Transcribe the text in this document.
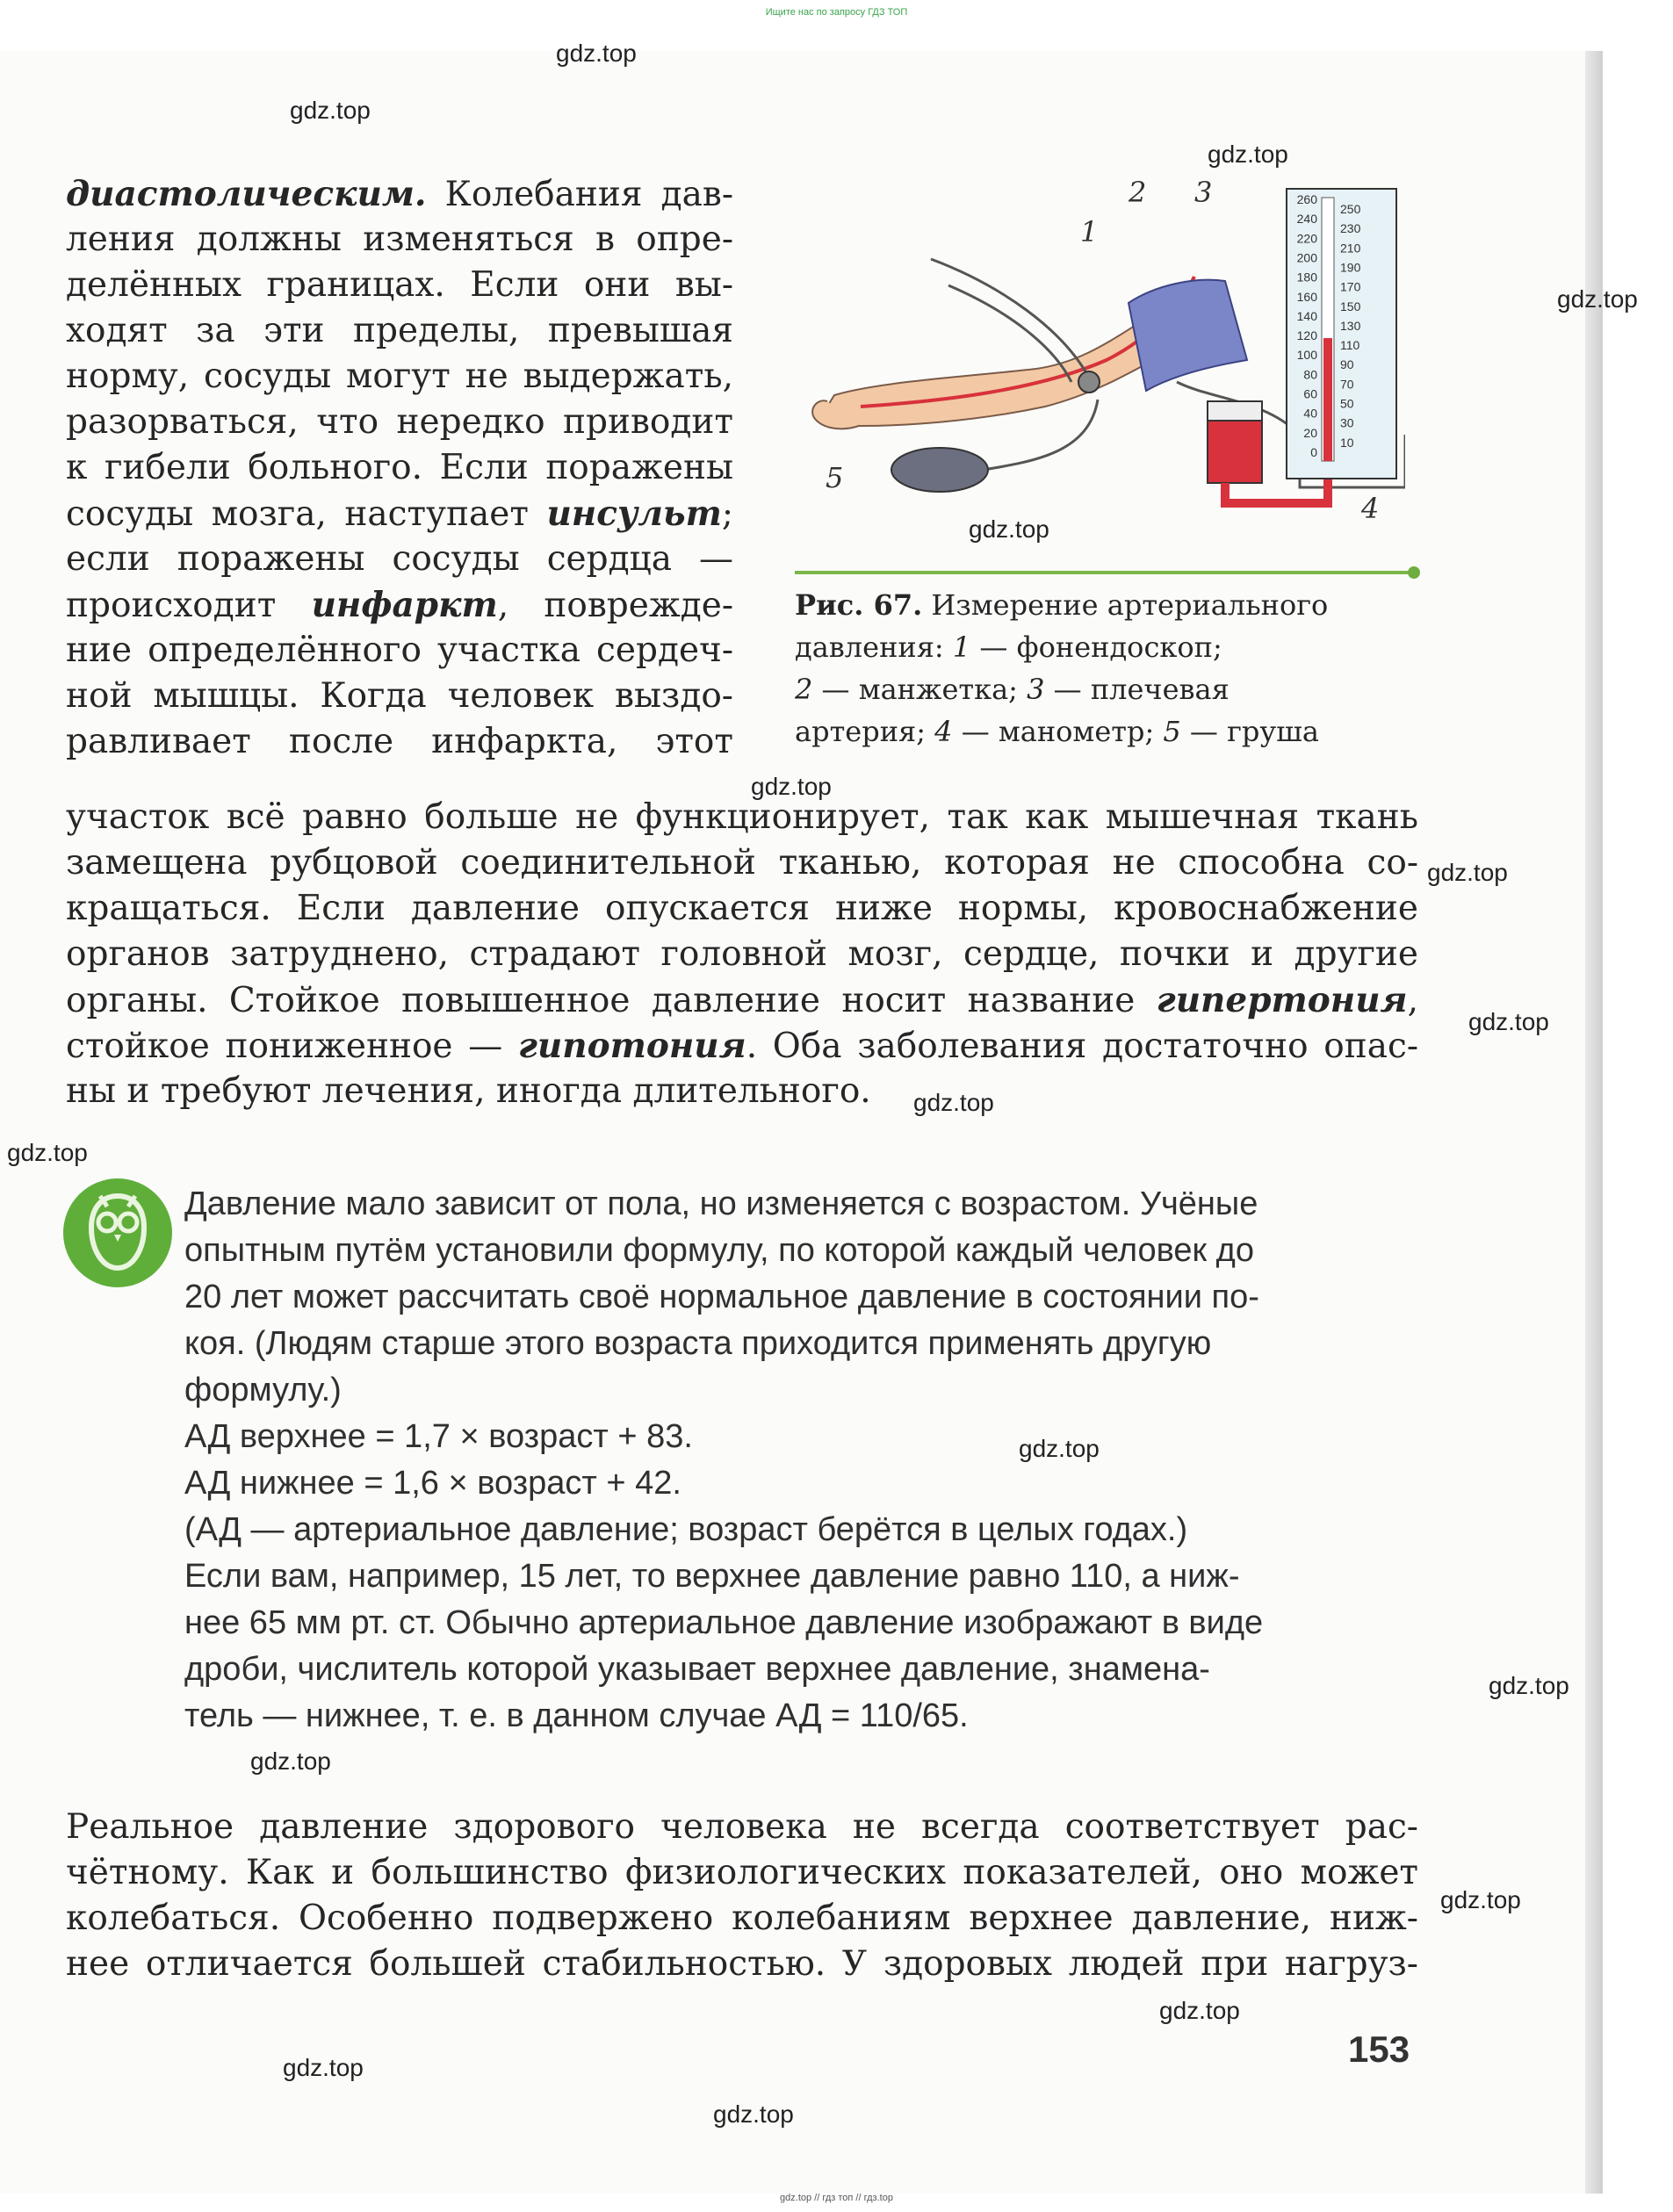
Ищите нас по запросу ГДЗ ТОП
gdz.top
gdz.top
gdz.top
gdz.top
gdz.top
gdz.top
gdz.top
gdz.top
gdz.top
gdz.top
gdz.top
gdz.top
gdz.top
gdz.top
gdz.top
gdz.top
gdz.top
диастолическим. Колебания дав-
ления должны изменяться в опре-
делённых границах. Если они вы-
ходят за эти пределы, превышая
норму, сосуды могут не выдержать,
разорваться, что нередко приводит
к гибели больного. Если поражены
сосуды мозга, наступает инсульт;
если поражены сосуды сердца —
происходит инфаркт, поврежде-
ние определённого участка сердеч-
ной мышцы. Когда человек выздо-
равливает после инфаркта, этот
260
240
220
200
180
160
140
120
100
80
60
40
20
0
250
230
210
190
170
150
130
110
90
70
50
30
10
1
2 3
4
5
Рис. 67. Измерение артериального
давления: 1 — фонендоскоп;
2 — манжетка; 3 — плечевая
артерия; 4 — манометр; 5 — груша
участок всё равно больше не функционирует, так как мышечная ткань
замещена рубцовой соединительной тканью, которая не способна со-
кращаться. Если давление опускается ниже нормы, кровоснабжение
органов затруднено, страдают головной мозг, сердце, почки и другие
органы. Стойкое повышенное давление носит название гипертония,
стойкое пониженное — гипотония. Оба заболевания достаточно опас-
ны и требуют лечения, иногда длительного.
Давление мало зависит от пола, но изменяется с возрастом. Учёные
опытным путём установили формулу, по которой каждый человек до
20 лет может рассчитать своё нормальное давление в состоянии по-
коя. (Людям старше этого возраста приходится применять другую
формулу.)
АД верхнее = 1,7 × возраст + 83.
АД нижнее = 1,6 × возраст + 42.
(АД — артериальное давление; возраст берётся в целых годах.)
Если вам, например, 15 лет, то верхнее давление равно 110, а ниж-
нее 65 мм рт. ст. Обычно артериальное давление изображают в виде
дроби, числитель которой указывает верхнее давление, знамена-
тель — нижнее, т. е. в данном случае АД = 110/65.
Реальное давление здорового человека не всегда соответствует рас-
чётному. Как и большинство физиологических показателей, оно может
колебаться. Особенно подвержено колебаниям верхнее давление, ниж-
нее отличается большей стабильностью. У здоровых людей при нагруз-
153
gdz.top // гдз топ // гдз.top
